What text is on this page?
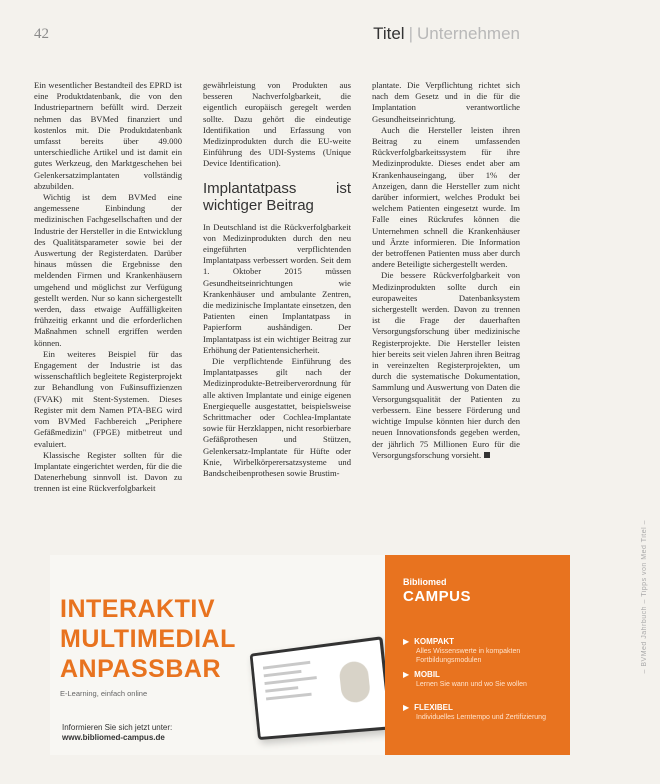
42	Titel | Unternehmen

Ein wesentlicher Bestandteil des EPRD ist eine Produktdatenbank, die von den Industriepartnern befüllt wird. Derzeit nehmen das BVMed finanziert und kostenlos mit. Die Produktdatenbank umfasst bereits über 49.000 unterschiedliche Artikel und ist damit ein gutes Werkzeug, den Marktgeschehen bei Gelenkersatzimplantaten vollständig abzubilden.

Wichtig ist dem BVMed eine angemessene Einbindung der medizinischen Fachgesellschaften und der Industrie der Hersteller in die Entwicklung des Qualitätsparameter sowie bei der Auswertung der Registerdaten. Darüber hinaus müssen die Ergebnisse den meldenden Firmen und Krankenhäusern umgehend und möglichst zur Verfügung gestellt werden. Nur so kann sichergestellt werden, dass etwaige Auffälligkeiten frühzeitig erkannt und die erforderlichen Maßnahmen schnell ergriffen werden können.

Ein weiteres Beispiel für das Engagement der Industrie ist das wissenschaftlich begleitete Registerprojekt zur Behandlung von Fußinsuffizienzen (FVAK) mit Stent-Systemen. Dieses Register mit dem Namen PTA-BEG wird vom BVMed Fachbereich „Periphere Gefäßmedizin" (FPGE) mitbetreut und evaluiert.

Klassische Register sollten für die Implantate eingerichtet werden, für die die Datenerhebung sinnvoll ist. Davon zu trennen ist eine Rückverfolgbarkeit

gewährleistung von Produkten aus besseren Nachverfolgbarkeit, die eigentlich europäisch geregelt werden sollte. Dazu gehört die eindeutige Identifikation und Erfassung von Medizinprodukten durch die EU-weite Einführung des UDI-Systems (Unique Device Identification).

Implantatpass ist wichtiger Beitrag

In Deutschland ist die Rückverfolgbarkeit von Medizinprodukten durch den neu eingeführten verpflichtenden Implantatpass verbessert worden. Seit dem 1. Oktober 2015 müssen Gesundheitseinrichtungen wie Krankenhäuser und ambulante Zentren, die medizinische Implantate einsetzen, den Patienten einen Implantatpass in Papierform aushändigen. Der Implantatpass ist ein wichtiger Beitrag zur Erhöhung der Patientensicherheit.

Die verpflichtende Einführung des Implantatpasses gilt nach der Medizinprodukte-Betreiberverordnung für alle aktiven Implantate und einige eigenen Energiequelle ausgestattet, beispielsweise Schrittmacher oder Cochlea-Implantate sowie für Herzklappen, nicht resorbierbare Gefäßprothesen und Stützen, Gelenkersatz-Implantate für Hüfte oder Knie, Wirbelkörperersatzsysteme und Bandscheibenprothesen sowie Brustim-

plantate. Die Verpflichtung richtet sich nach dem Gesetz und in die für die Implantation verantwortliche Gesundheitseinrichtung.

Auch die Hersteller leisten ihren Beitrag zu einem umfassenden Rückverfolgbarkeitssystem für ihre Medizinprodukte. Dieses endet aber am Krankenhauseingang, über 1% der Anzeigen, dann die Hersteller zum nicht darüber informiert, welches Produkt bei welchem Patienten eingesetzt wurde. Im Falle eines Rückrufes können die Unternehmen schnell die Krankenhäuser und Ärzte informieren. Die Information der betroffenen Patienten muss aber durch andere Beteiligte sichergestellt werden.

Die bessere Rückverfolgbarkeit von Medizinprodukten sollte durch ein europaweites Datenbanksystem sichergestellt werden. Davon zu trennen ist die Frage der dauerhaften Versorgungsforschung über medizinische Registerprojekte. Die Hersteller leisten hier bereits seit vielen Jahren ihren Beitrag in vereinzelten Registerprojekten, um durch die systematische Dokumentation, Sammlung und Auswertung von Daten die Versorgungsqualität der Patienten zu verbessern. Eine bessere Förderung und wichtige Impulse könnten hier durch den neuen Innovationsfonds gegeben werden, der jährlich 75 Millionen Euro für die Versorgungsforschung vorsieht.

– BVMed Jahrbuch – Tipps von Med Titel –
INTERAKTIV
MULTIMEDIAL
ANPASSBAR
E-Learning, einfach online
Informieren Sie sich jetzt unter:
www.bibliomed-campus.de
Bibliomed
CAMPUS
▶ KOMPAKT
Alles Wissenswerte in kompakten Fortbildungsmodulen
▶ MOBIL
Lernen Sie wann und wo Sie wollen
▶ FLEXIBEL
Individuelles Lerntempo und Zertifizierung
